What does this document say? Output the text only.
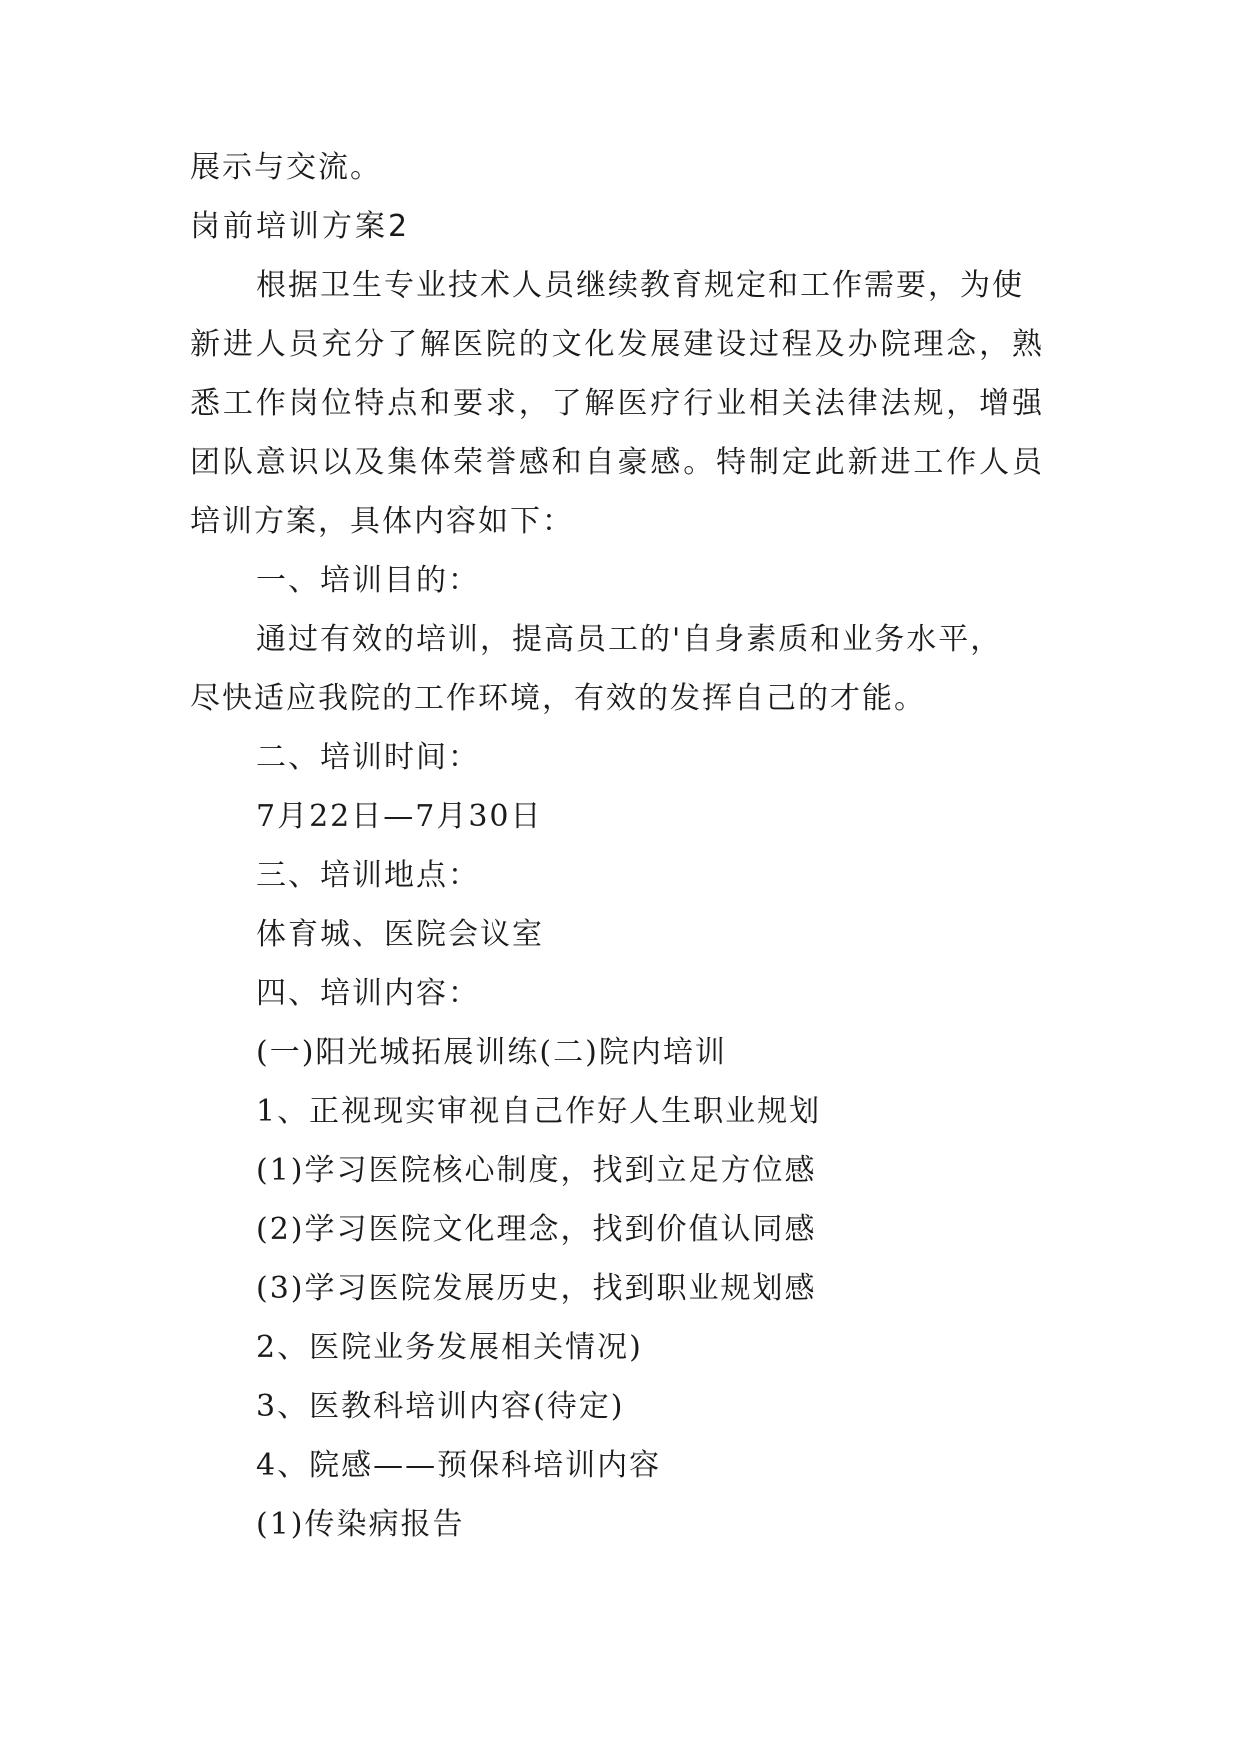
展示与交流。
岗前培训方案2
根据卫生专业技术人员继续教育规定和工作需要，为使
新进人员充分了解医院的文化发展建设过程及办院理念，熟
悉工作岗位特点和要求，了解医疗行业相关法律法规，增强
团队意识以及集体荣誉感和自豪感。特制定此新进工作人员
培训方案，具体内容如下：
一、培训目的：
通过有效的培训，提高员工的'自身素质和业务水平，
尽快适应我院的工作环境，有效的发挥自己的才能。
二、培训时间：
7月22日—7月30日
三、培训地点：
体育城、医院会议室
四、培训内容：
(一)阳光城拓展训练(二)院内培训
1、正视现实审视自己作好人生职业规划
(1)学习医院核心制度，找到立足方位感
(2)学习医院文化理念，找到价值认同感
(3)学习医院发展历史，找到职业规划感
2、医院业务发展相关情况)
3、医教科培训内容(待定)
4、院感——预保科培训内容
(1)传染病报告
